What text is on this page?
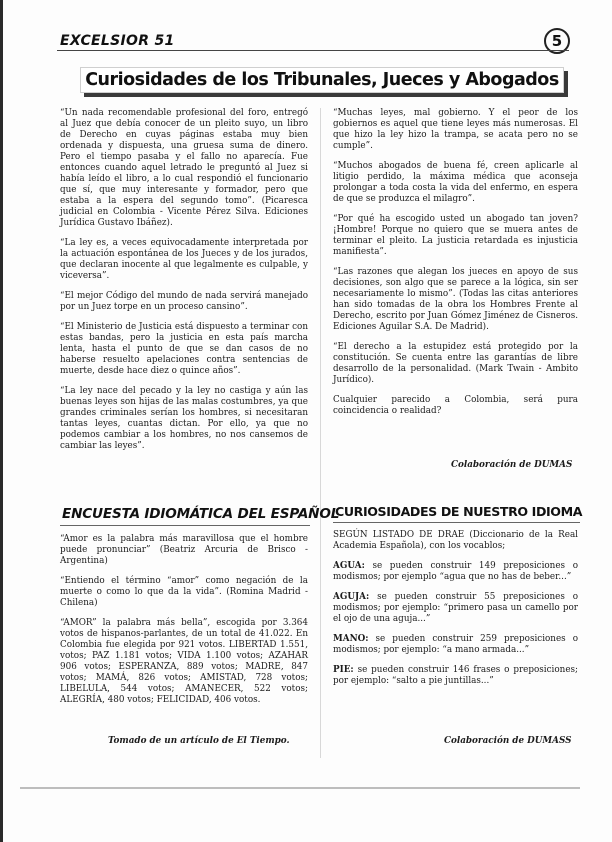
EXCELSIOR 51	5
Curiosidades de los Tribunales, Jueces y Abogados

“Un nada recomendable profesional del foro, entregó al Juez que debía conocer de un pleito suyo, un libro de Derecho en cuyas páginas estaba muy bien ordenada y dispuesta, una gruesa suma de dinero. Pero el tiempo pasaba y el fallo no aparecía. Fue entonces cuando aquel letrado le preguntó al Juez si había leído el libro, a lo cual respondió el funcionario que sí, que muy interesante y formador, pero que estaba a la espera del segundo tomo”. (Picaresca judicial en Colombia - Vicente Pérez Silva. Ediciones Jurídica Gustavo Ibáñez).

“La ley es, a veces equivocadamente interpretada por la actuación espontánea de los Jueces y de los jurados, que declaran inocente al que legalmente es culpable, y viceversa”.

“El mejor Código del mundo de nada servirá manejado por un Juez torpe en un proceso cansino”.

“El Ministerio de Justicia está dispuesto a terminar con estas bandas, pero la justicia en esta país marcha lenta, hasta el punto de que se dan casos de no haberse resuelto apelaciones contra sentencias de muerte, desde hace diez o quince años”.

“La ley nace del pecado y la ley no castiga y aún las buenas leyes son hijas de las malas costumbres, ya que grandes criminales serían los hombres, si necesitaran tantas leyes, cuantas dictan. Por ello, ya que no podemos cambiar a los hombres, no nos cansemos de cambiar las leyes”.

“Muchas leyes, mal gobierno. Y el peor de los gobiernos es aquel que tiene leyes más numerosas. El que hizo la ley hizo la trampa, se acata pero no se cumple”.

“Muchos abogados de buena fé, creen aplicarle al litigio perdido, la máxima médica que aconseja prolongar a toda costa la vida del enfermo, en espera de que se produzca el milagro”.

“Por qué ha escogido usted un abogado tan joven? ¡Hombre! Porque no quiero que se muera antes de terminar el pleito. La justicia retardada es injusticia manifiesta”.

“Las razones que alegan los jueces en apoyo de sus decisiones, son algo que se parece a la lógica, sin ser necesariamente lo mismo”. (Todas las citas anteriores han sido tomadas de la obra los Hombres Frente al Derecho, escrito por Juan Gómez Jiménez de Cisneros. Ediciones Aguilar S.A. De Madrid).

“El derecho a la estupidez está protegido por la constitución. Se cuenta entre las garantías de libre desarrollo de la personalidad. (Mark Twain - Ambito Jurídico).

Cualquier parecido a Colombia, será pura coincidencia o realidad?

Colaboración de DUMAS
ENCUESTA IDIOMÁTICA DEL ESPAÑOL
CURIOSIDADES DE NUESTRO IDIOMA

“Amor es la palabra más maravillosa que el hombre puede pronunciar” (Beatriz Arcuria de Brisco - Argentina)

“Entiendo el término “amor” como negación de la muerte o como lo que da la vida”. (Romina Madrid - Chilena)

“AMOR” la palabra más bella”, escogida por 3.364 votos de hispanos-parlantes, de un total de 41.022. En Colombia fue elegida por 921 votos. LIBERTAD 1.551, votos; PAZ 1.181 votos; VIDA 1.100 votos; AZAHAR 906 votos; ESPERANZA, 889 votos; MADRE, 847 votos; MAMÁ, 826 votos; AMISTAD, 728 votos; LIBELULA, 544 votos; AMANECER, 522 votos; ALEGRÍA, 480 votos; FELICIDAD, 406 votos.

Tomado de un artículo de El Tiempo.

SEGÚN LISTADO DE DRAE (Diccionario de la Real Academia Española), con los vocablos;

AGUA: se pueden construir 149 preposiciones o modismos; por ejemplo “agua que no has de beber...”

AGUJA: se pueden construir 55 preposiciones o modismos; por ejemplo: “primero pasa un camello por el ojo de una aguja...”

MANO: se pueden construir 259 preposiciones o modismos; por ejemplo: “a mano armada...”

PIE: se pueden construir 146 frases o preposiciones; por ejemplo: “salto a pie juntillas...”

Colaboración de DUMASS
